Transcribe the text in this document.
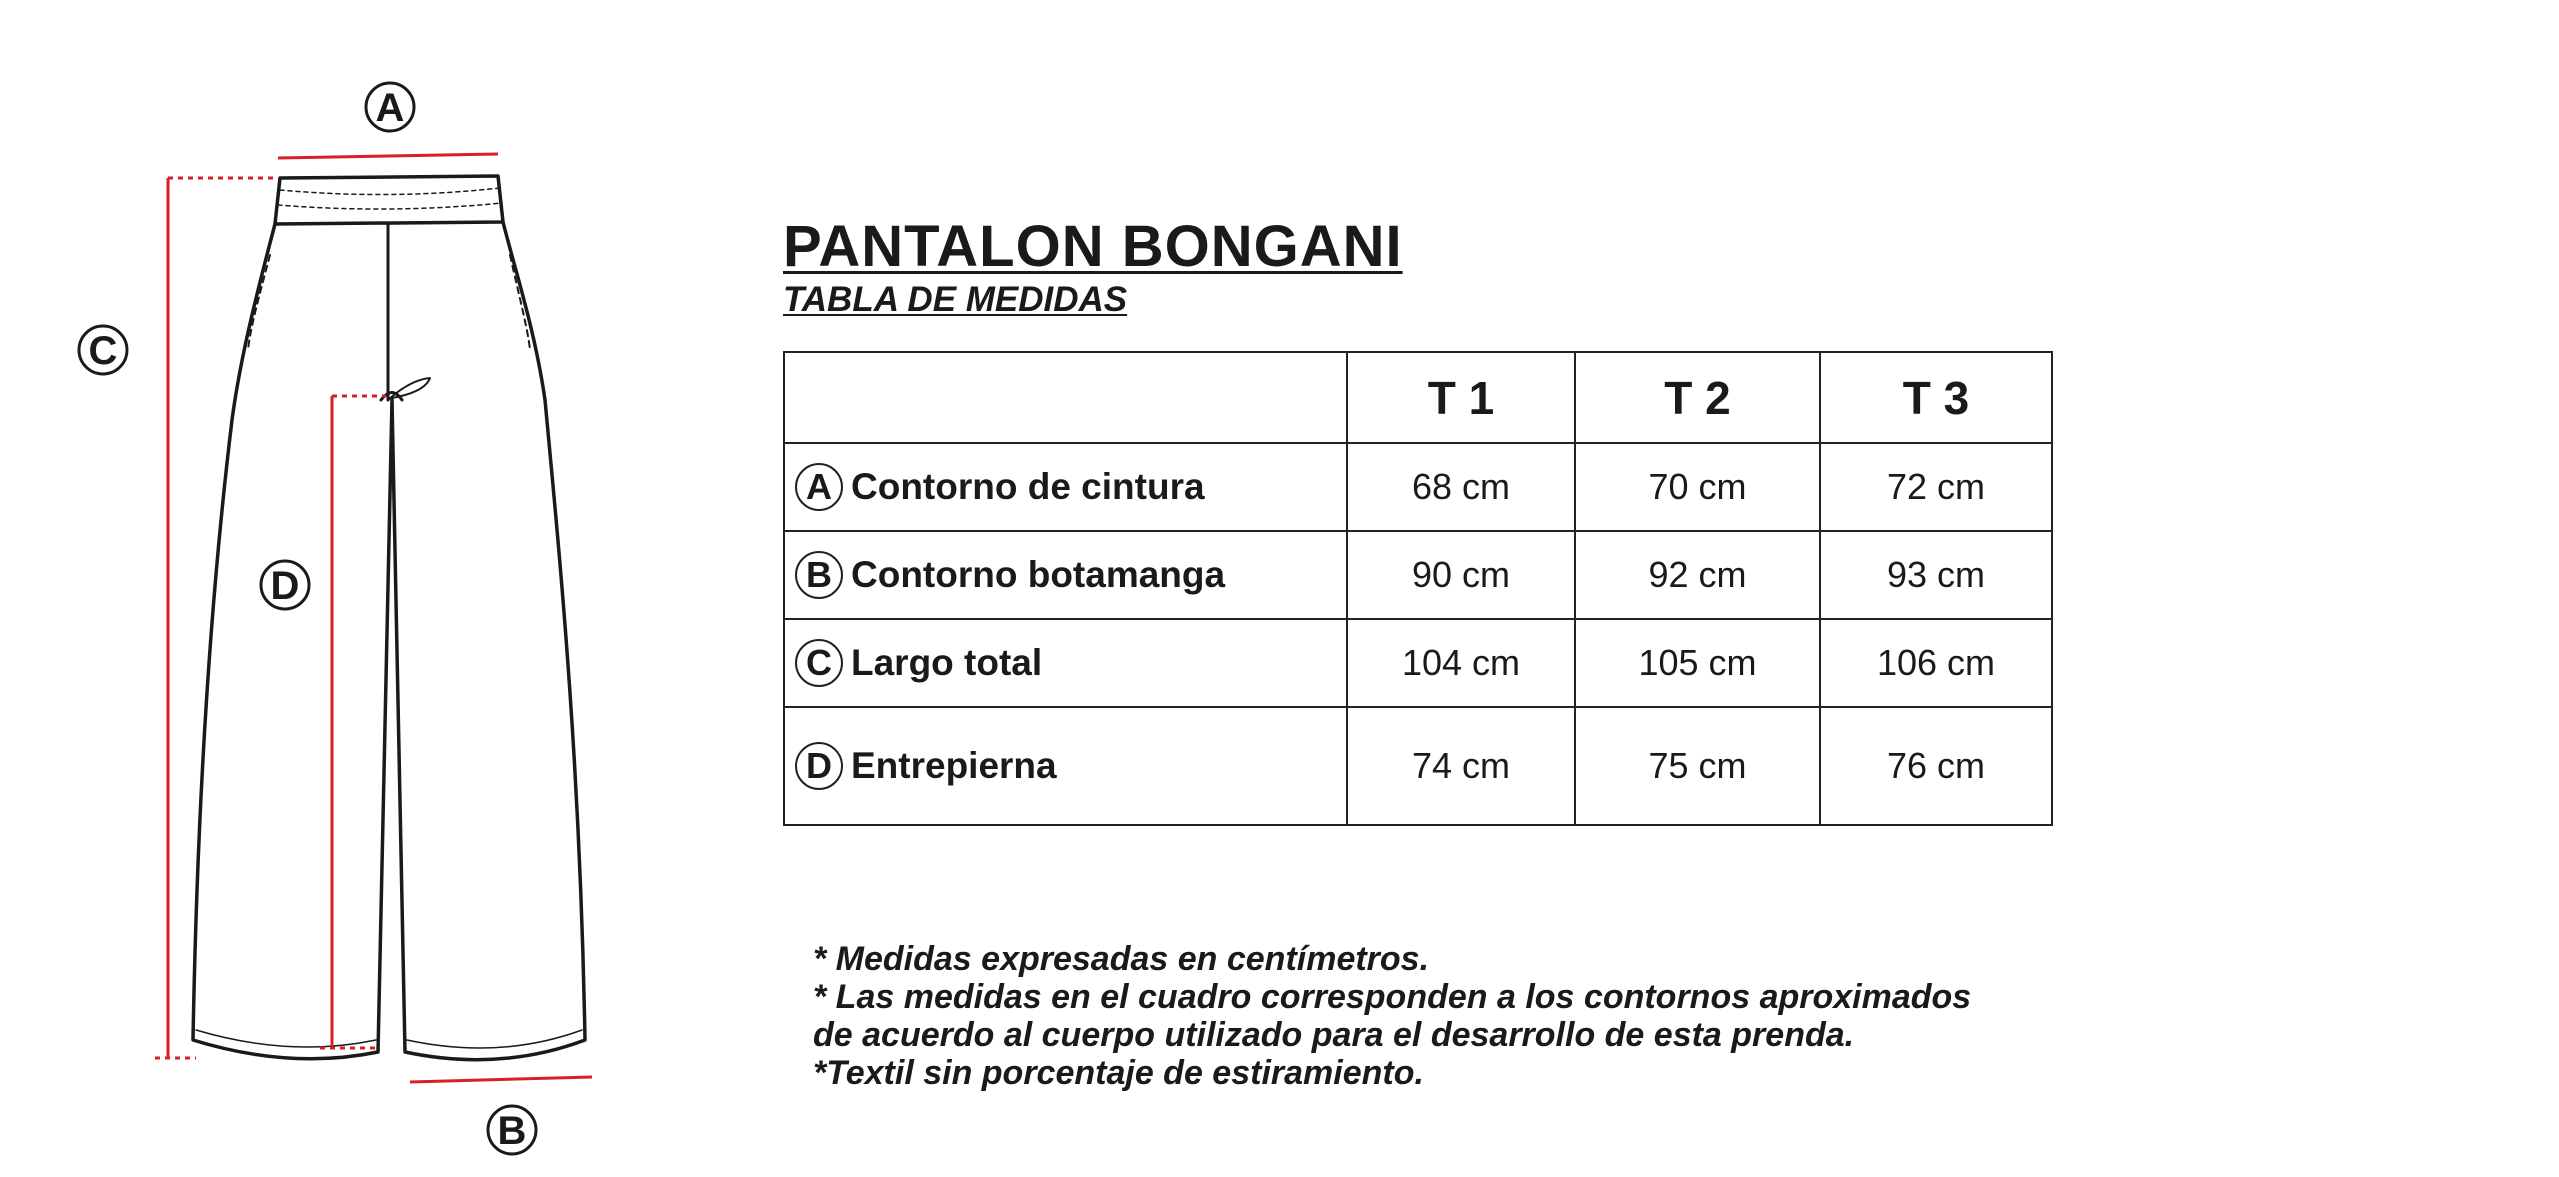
A
C
D
B
PANTALON BONGANI
TABLA DE MEDIDAS
	T 1	T 2	T 3
A Contorno de cintura	68 cm	70 cm	72 cm
B Contorno botamanga	90 cm	92 cm	93 cm
C Largo total	104 cm	105 cm	106 cm
D Entrepierna	74 cm	75 cm	76 cm

* Medidas expresadas en centímetros.

* Las medidas en el cuadro corresponden a los contornos aproximados de acuerdo al cuerpo utilizado para el desarrollo de esta prenda.

*Textil sin porcentaje de estiramiento.
